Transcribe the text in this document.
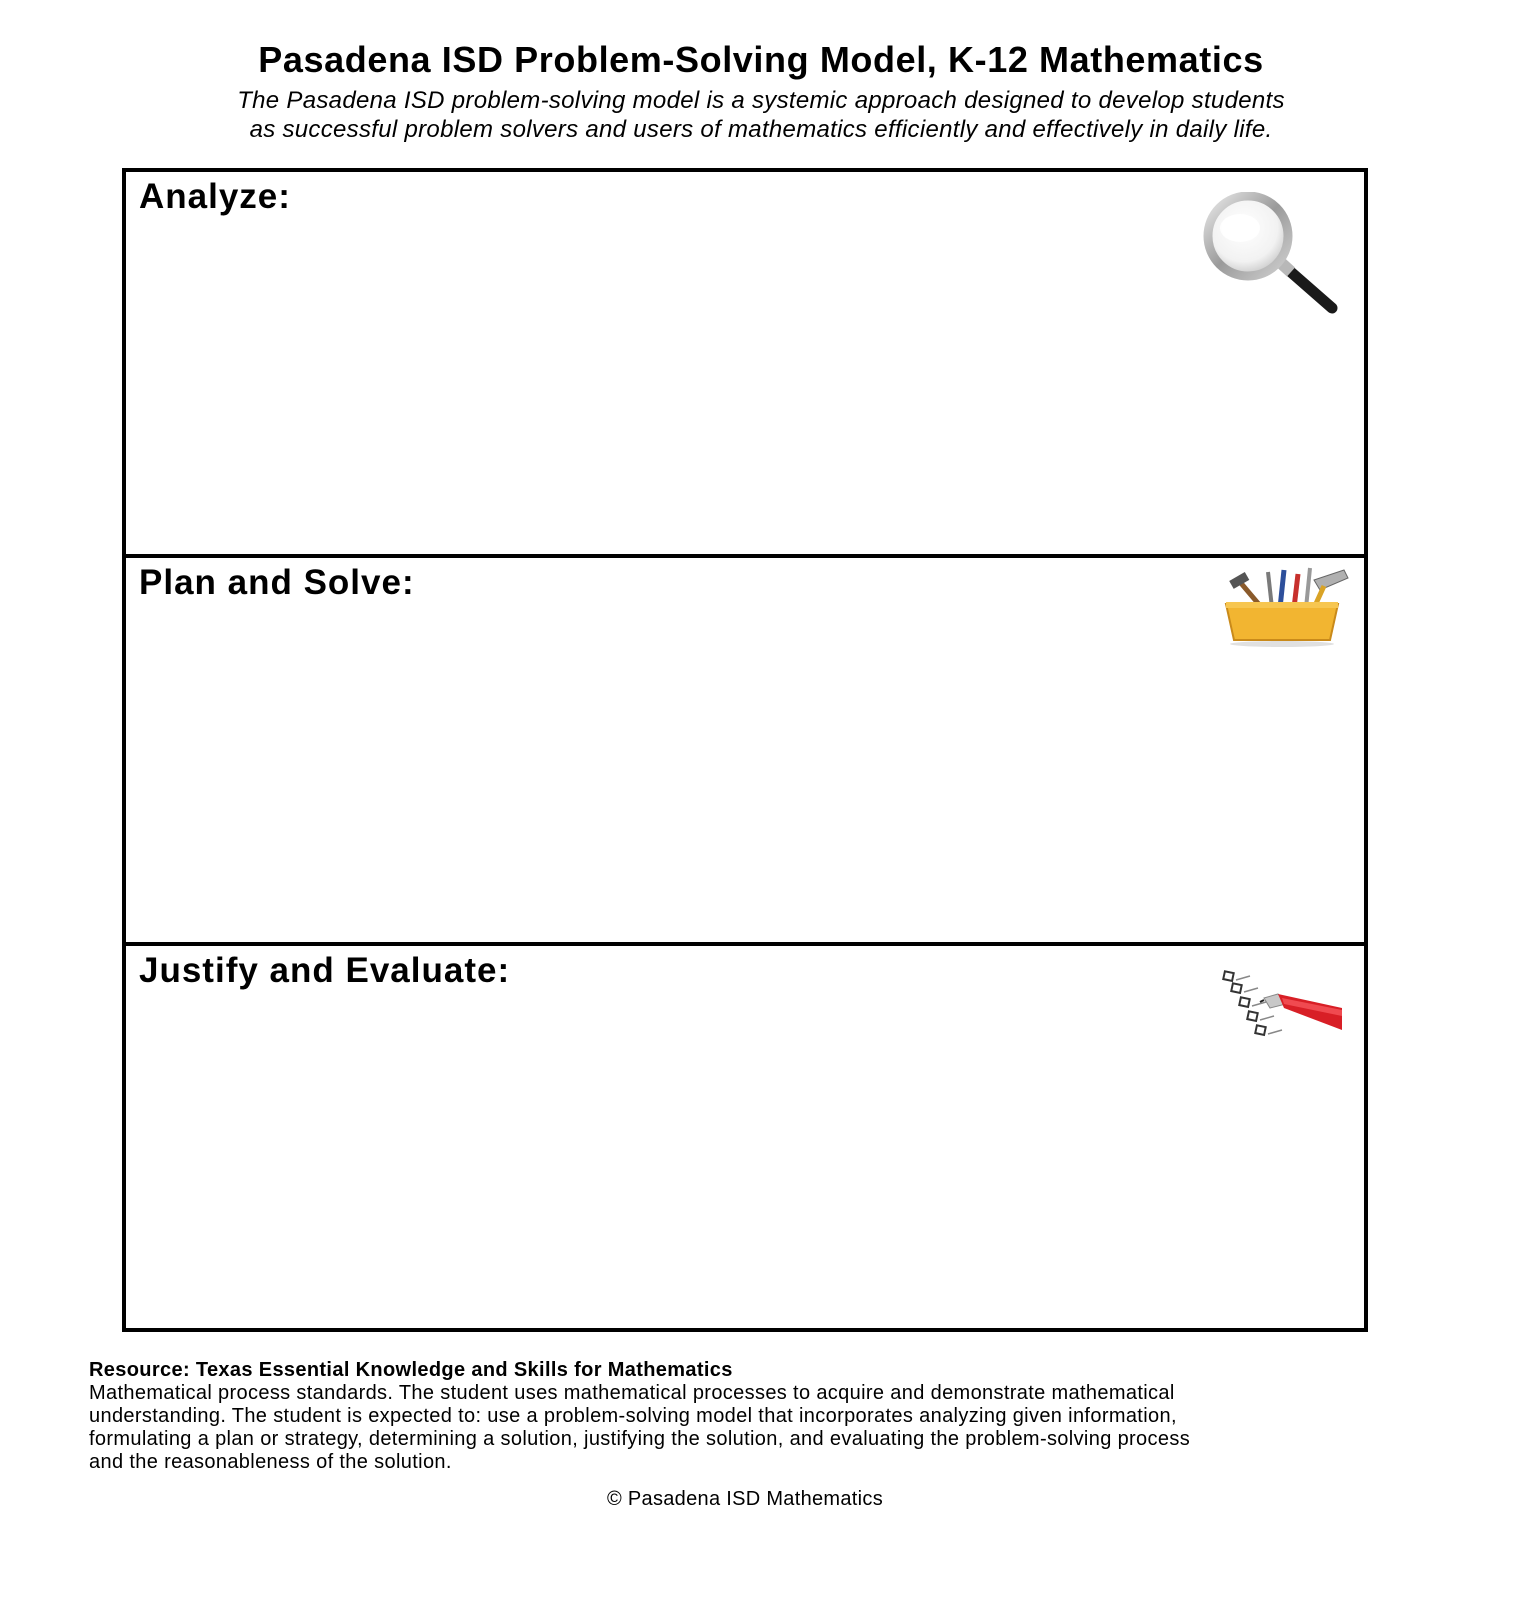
Pasadena ISD Problem-Solving Model, K-12 Mathematics
The Pasadena ISD problem-solving model is a systemic approach designed to develop students
as successful problem solvers and users of mathematics efficiently and effectively in daily life.
Analyze:
Plan and Solve:
Justify and Evaluate:
Resource: Texas Essential Knowledge and Skills for Mathematics
Mathematical process standards. The student uses mathematical processes to acquire and demonstrate mathematical
understanding. The student is expected to: use a problem-solving model that incorporates analyzing given information,
formulating a plan or strategy, determining a solution, justifying the solution, and evaluating the problem-solving process
and the reasonableness of the solution.
© Pasadena ISD Mathematics
